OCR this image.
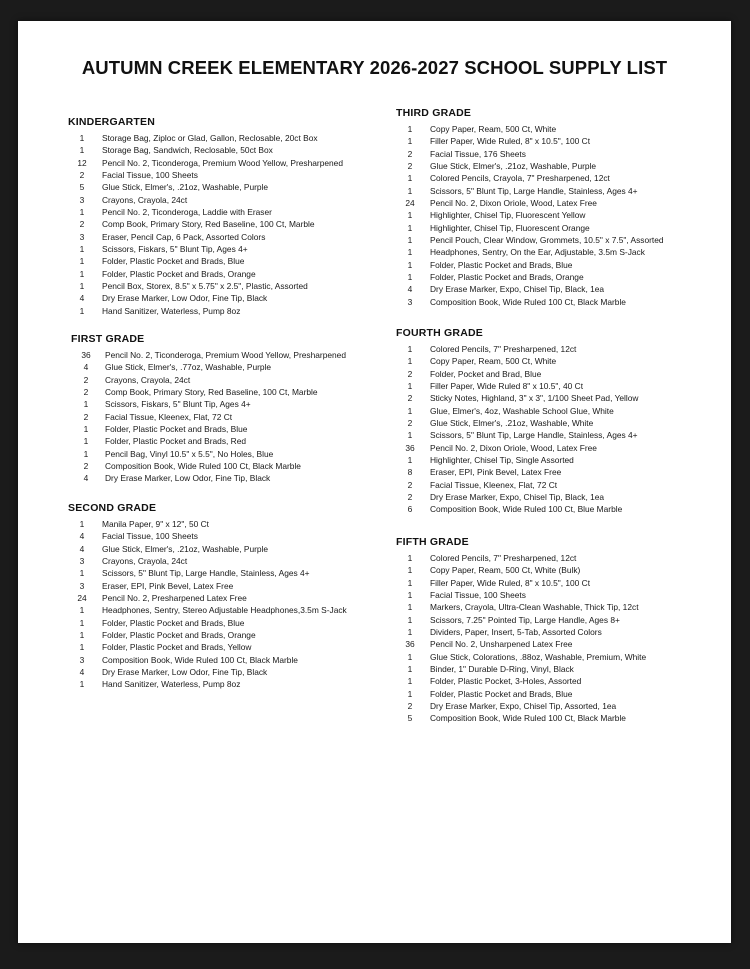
AUTUMN CREEK ELEMENTARY 2026-2027 SCHOOL SUPPLY LIST
KINDERGARTEN
1	Storage Bag, Ziploc or Glad, Gallon, Reclosable, 20ct Box
1	Storage Bag, Sandwich, Reclosable, 50ct Box
12	Pencil No. 2, Ticonderoga, Premium Wood Yellow, Presharpened
2	Facial Tissue, 100 Sheets
5	Glue Stick, Elmer's, .21oz, Washable, Purple
3	Crayons, Crayola, 24ct
1	Pencil No. 2, Ticonderoga, Laddie with Eraser
2	Comp Book, Primary Story, Red Baseline, 100 Ct, Marble
3	Eraser, Pencil Cap, 6 Pack, Assorted Colors
1	Scissors, Fiskars, 5" Blunt Tip, Ages 4+
1	Folder, Plastic Pocket and Brads, Blue
1	Folder, Plastic Pocket and Brads, Orange
1	Pencil Box, Storex, 8.5" x 5.75" x 2.5", Plastic, Assorted
4	Dry Erase Marker, Low Odor, Fine Tip, Black
1	Hand Sanitizer, Waterless, Pump 8oz
FIRST GRADE
36	Pencil No. 2, Ticonderoga, Premium Wood Yellow, Presharpened
4	Glue Stick, Elmer's, .77oz, Washable, Purple
2	Crayons, Crayola, 24ct
2	Comp Book, Primary Story, Red Baseline, 100 Ct, Marble
1	Scissors, Fiskars, 5" Blunt Tip, Ages 4+
2	Facial Tissue, Kleenex, Flat, 72 Ct
1	Folder, Plastic Pocket and Brads, Blue
1	Folder, Plastic Pocket and Brads, Red
1	Pencil Bag, Vinyl 10.5" x 5.5", No Holes, Blue
2	Composition Book, Wide Ruled 100 Ct, Black Marble
4	Dry Erase Marker, Low Odor, Fine Tip, Black
SECOND GRADE
1	Manila Paper, 9" x 12", 50 Ct
4	Facial Tissue, 100 Sheets
4	Glue Stick, Elmer's, .21oz, Washable, Purple
3	Crayons, Crayola, 24ct
1	Scissors, 5" Blunt Tip, Large Handle, Stainless, Ages 4+
3	Eraser, EPI, Pink Bevel, Latex Free
24	Pencil No. 2, Presharpened Latex Free
1	Headphones, Sentry, Stereo Adjustable Headphones,3.5m S-Jack
1	Folder, Plastic Pocket and Brads, Blue
1	Folder, Plastic Pocket and Brads, Orange
1	Folder, Plastic Pocket and Brads, Yellow
3	Composition Book, Wide Ruled 100 Ct, Black Marble
4	Dry Erase Marker, Low Odor, Fine Tip, Black
1	Hand Sanitizer, Waterless, Pump 8oz
THIRD GRADE
1	Copy Paper, Ream, 500 Ct, White
1	Filler Paper, Wide Ruled, 8" x 10.5", 100 Ct
2	Facial Tissue, 176 Sheets
2	Glue Stick, Elmer's, .21oz, Washable, Purple
1	Colored Pencils, Crayola, 7" Presharpened, 12ct
1	Scissors, 5" Blunt Tip, Large Handle, Stainless, Ages 4+
24	Pencil No. 2, Dixon Oriole, Wood, Latex Free
1	Highlighter, Chisel Tip, Fluorescent Yellow
1	Highlighter, Chisel Tip, Fluorescent Orange
1	Pencil Pouch, Clear Window, Grommets, 10.5" x 7.5", Assorted
1	Headphones, Sentry, On the Ear, Adjustable, 3.5m S-Jack
1	Folder, Plastic Pocket and Brads, Blue
1	Folder, Plastic Pocket and Brads, Orange
4	Dry Erase Marker, Expo, Chisel Tip, Black, 1ea
3	Composition Book, Wide Ruled 100 Ct, Black Marble
FOURTH GRADE
1	Colored Pencils, 7" Presharpened, 12ct
1	Copy Paper, Ream, 500 Ct, White
2	Folder, Pocket and Brad, Blue
1	Filler Paper, Wide Ruled 8" x 10.5", 40 Ct
2	Sticky Notes, Highland, 3" x 3", 1/100 Sheet Pad, Yellow
1	Glue, Elmer's, 4oz, Washable School Glue, White
2	Glue Stick, Elmer's, .21oz, Washable, White
1	Scissors, 5" Blunt Tip, Large Handle, Stainless, Ages 4+
36	Pencil No. 2, Dixon Oriole, Wood, Latex Free
1	Highlighter, Chisel Tip, Single Assorted
8	Eraser, EPI, Pink Bevel, Latex Free
2	Facial Tissue, Kleenex, Flat, 72 Ct
2	Dry Erase Marker, Expo, Chisel Tip, Black, 1ea
6	Composition Book, Wide Ruled 100 Ct, Blue Marble
FIFTH GRADE
1	Colored Pencils, 7" Presharpened, 12ct
1	Copy Paper, Ream, 500 Ct, White (Bulk)
1	Filler Paper, Wide Ruled, 8" x 10.5", 100 Ct
1	Facial Tissue, 100 Sheets
1	Markers, Crayola, Ultra-Clean Washable, Thick Tip, 12ct
1	Scissors, 7.25" Pointed Tip, Large Handle, Ages 8+
1	Dividers, Paper, Insert, 5-Tab, Assorted Colors
36	Pencil No. 2, Unsharpened Latex Free
1	Glue Stick, Colorations, .88oz, Washable, Premium, White
1	Binder, 1" Durable D-Ring, Vinyl, Black
1	Folder, Plastic Pocket, 3-Holes, Assorted
1	Folder, Plastic Pocket and Brads, Blue
2	Dry Erase Marker, Expo, Chisel Tip, Assorted, 1ea
5	Composition Book, Wide Ruled 100 Ct, Black Marble
